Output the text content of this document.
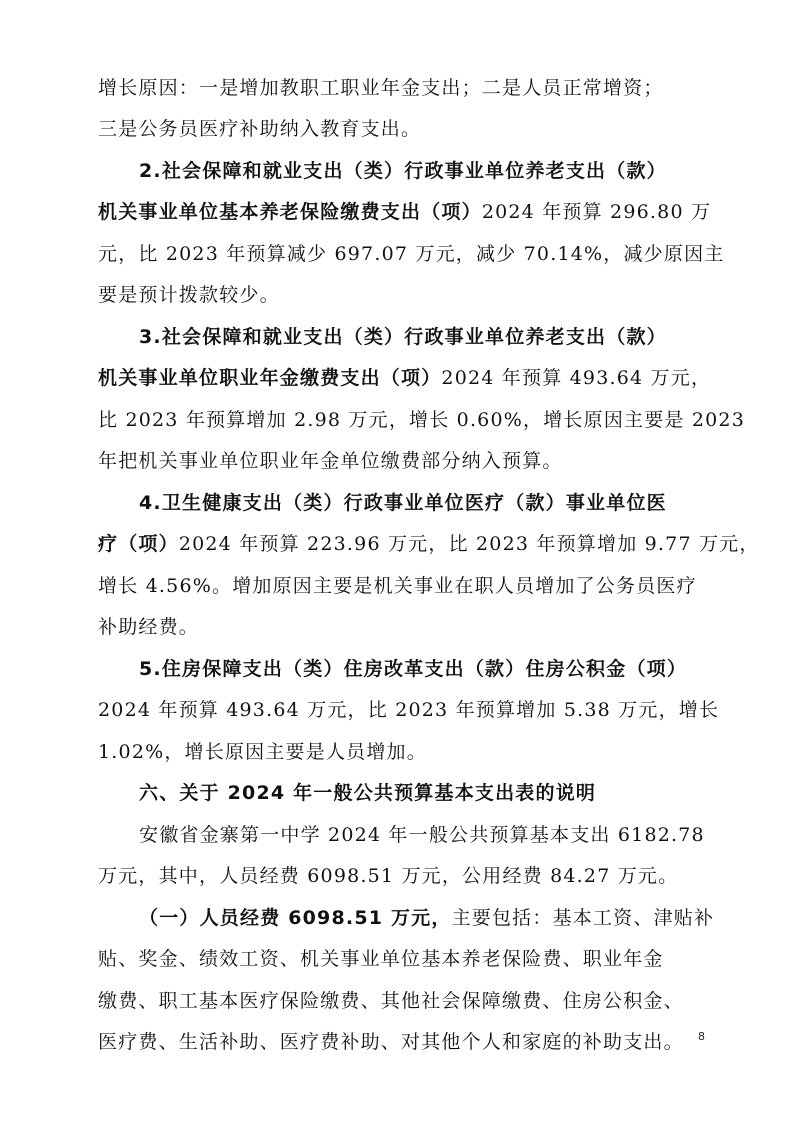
增长原因：一是增加教职工职业年金支出；二是人员正常增资；
三是公务员医疗补助纳入教育支出。
2.社会保障和就业支出（类）行政事业单位养老支出（款）
机关事业单位基本养老保险缴费支出（项）2024 年预算 296.80 万
元，比 2023 年预算减少 697.07 万元，减少 70.14%，减少原因主
要是预计拨款较少。
3.社会保障和就业支出（类）行政事业单位养老支出（款）
机关事业单位职业年金缴费支出（项）2024 年预算 493.64 万元，
比 2023 年预算增加 2.98 万元，增长 0.60%，增长原因主要是 2023
年把机关事业单位职业年金单位缴费部分纳入预算。
4.卫生健康支出（类）行政事业单位医疗（款）事业单位医
疗（项）2024 年预算 223.96 万元，比 2023 年预算增加 9.77 万元，
增长 4.56%。增加原因主要是机关事业在职人员增加了公务员医疗
补助经费。
5.住房保障支出（类）住房改革支出（款）住房公积金（项）
2024 年预算 493.64 万元，比 2023 年预算增加 5.38 万元，增长
1.02%，增长原因主要是人员增加。
六、关于 2024 年一般公共预算基本支出表的说明
安徽省金寨第一中学 2024 年一般公共预算基本支出 6182.78
万元，其中，人员经费 6098.51 万元，公用经费 84.27 万元。
（一）人员经费 6098.51 万元，主要包括：基本工资、津贴补
贴、奖金、绩效工资、机关事业单位基本养老保险费、职业年金
缴费、职工基本医疗保险缴费、其他社会保障缴费、住房公积金、
医疗费、生活补助、医疗费补助、对其他个人和家庭的补助支出。 8
